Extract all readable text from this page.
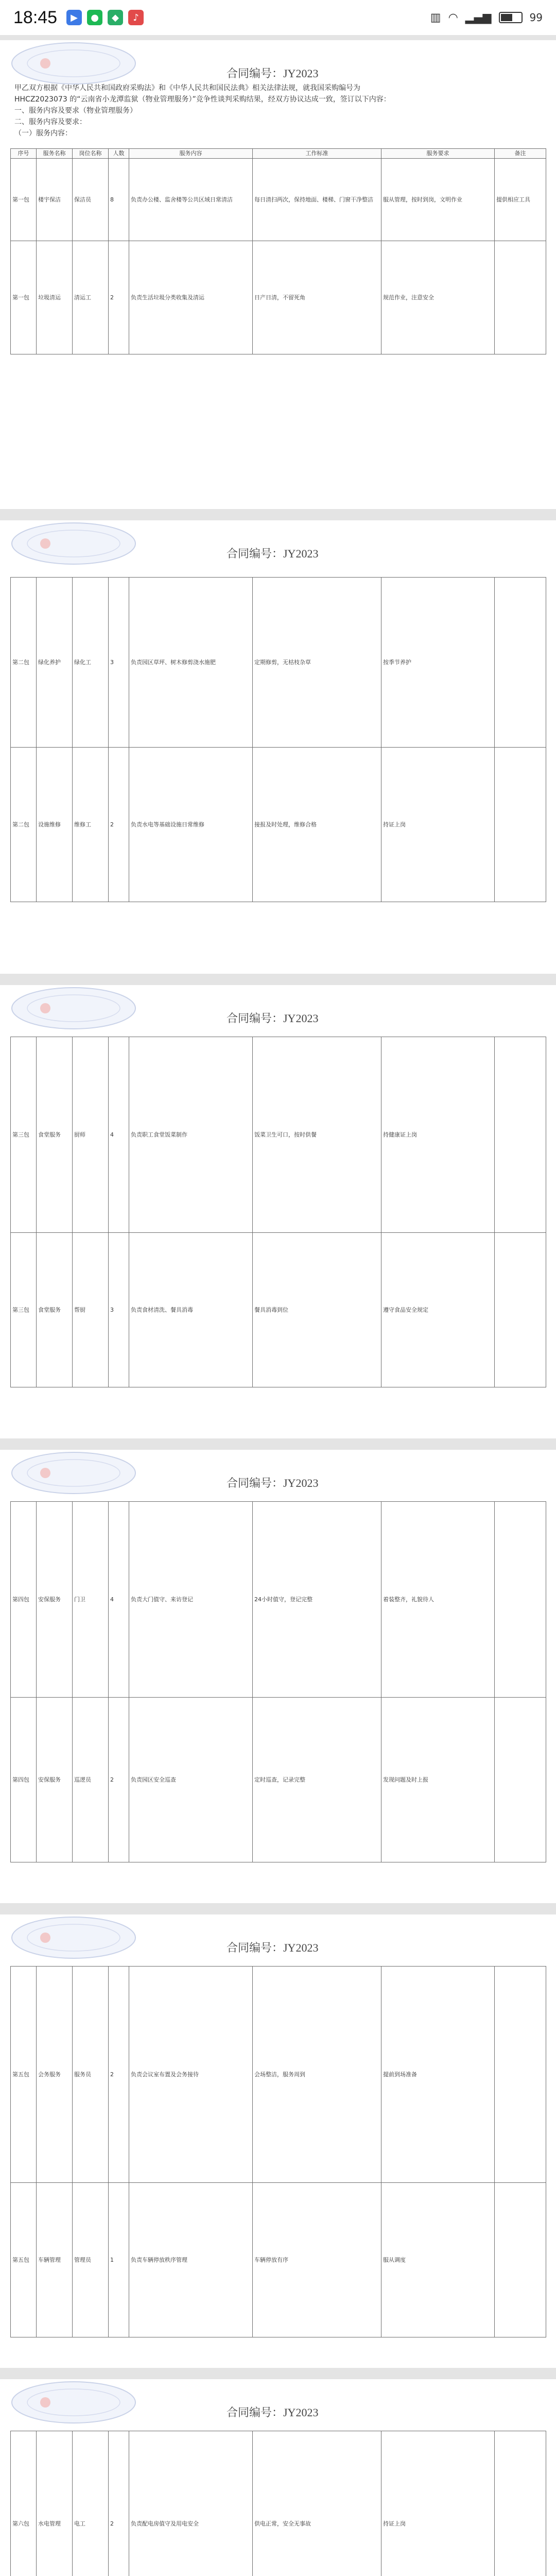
18:45	▶	●	◆	♪	▥ ◠ ▂▄▆	99
合同编号：JY2023

甲乙双方根据《中华人民共和国政府采购法》和《中华人民共和国民法典》相关法律法规，就我国采购编号为

HHCZ2023073 的“云南省小龙潭监狱（物业管理服务）”竞争性谈判采购结果，经双方协议达成一致，签订以下内容：

一、服务内容及要求（物业管理服务）

二、服务内容及要求：

（一）服务内容：

序号	服务名称	岗位名称	人数	服务内容	工作标准	服务要求	备注
第一包	楼宇保洁	保洁员	8	负责办公楼、监舍楼等公共区域日常清洁	每日清扫两次，保持地面、楼梯、门窗干净整洁	服从管理，按时到岗，文明作业	提供相应工具
第一包	垃圾清运	清运工	2	负责生活垃圾分类收集及清运	日产日清，不留死角	规范作业，注意安全	
合同编号：JY2023
第二包	绿化养护	绿化工	3	负责园区草坪、树木修剪浇水施肥	定期修剪，无枯枝杂草	按季节养护	
第二包	设施维修	维修工	2	负责水电等基础设施日常维修	接报及时处理，维修合格	持证上岗	
合同编号：JY2023
第三包	食堂服务	厨师	4	负责职工食堂饭菜制作	饭菜卫生可口，按时供餐	持健康证上岗	
第三包	食堂服务	帮厨	3	负责食材清洗、餐具消毒	餐具消毒到位	遵守食品安全规定	
合同编号：JY2023
第四包	安保服务	门卫	4	负责大门值守、来访登记	24小时值守，登记完整	着装整齐，礼貌待人	
第四包	安保服务	巡逻员	2	负责园区安全巡查	定时巡查，记录完整	发现问题及时上报	
合同编号：JY2023
第五包	会务服务	服务员	2	负责会议室布置及会务接待	会场整洁，服务周到	提前到场准备	
第五包	车辆管理	管理员	1	负责车辆停放秩序管理	车辆停放有序	服从调度	
合同编号：JY2023
第六包	水电管理	电工	2	负责配电房值守及用电安全	供电正常，安全无事故	持证上岗	
